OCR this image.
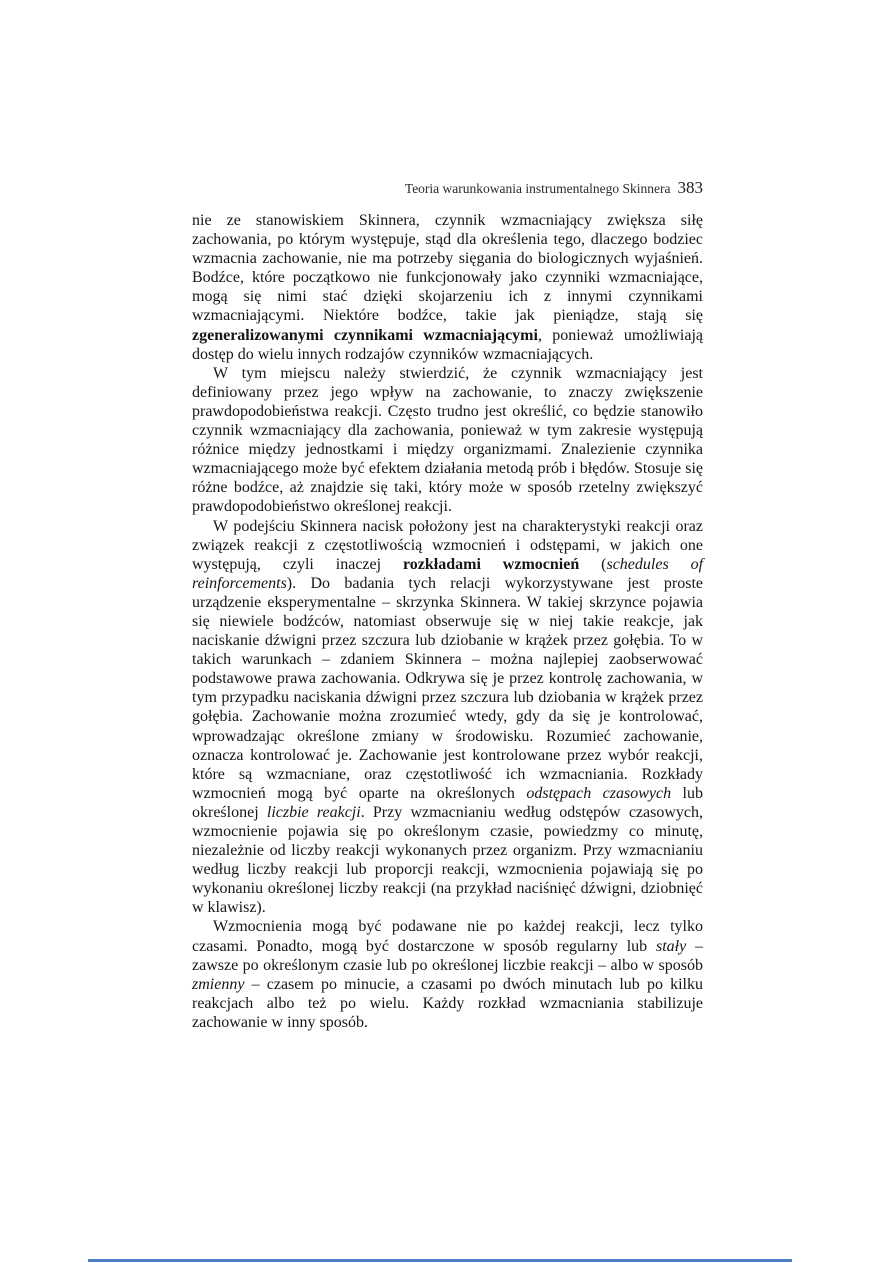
Teoria warunkowania instrumentalnego Skinnera 383

nie ze stanowiskiem Skinnera, czynnik wzmacniający zwiększa siłę zachowania, po którym występuje, stąd dla określenia tego, dlaczego bodziec wzmacnia zachowanie, nie ma potrzeby sięgania do biologicznych wyjaśnień. Bodźce, które początkowo nie funkcjonowały jako czynniki wzmacniające, mogą się nimi stać dzięki skojarzeniu ich z innymi czynnikami wzmacniającymi. Niektóre bodźce, takie jak pieniądze, stają się zgeneralizowanymi czynnikami wzmacniającymi, ponieważ umożliwiają dostęp do wielu innych rodzajów czynników wzmacniających.

W tym miejscu należy stwierdzić, że czynnik wzmacniający jest definiowany przez jego wpływ na zachowanie, to znaczy zwiększenie prawdopodobieństwa reakcji. Często trudno jest określić, co będzie stanowiło czynnik wzmacniający dla zachowania, ponieważ w tym zakresie występują różnice między jednostkami i między organizmami. Znalezienie czynnika wzmacniającego może być efektem działania metodą prób i błędów. Stosuje się różne bodźce, aż znajdzie się taki, który może w sposób rzetelny zwiększyć prawdopodobieństwo określonej reakcji.

W podejściu Skinnera nacisk położony jest na charakterystyki reakcji oraz związek reakcji z częstotliwością wzmocnień i odstępami, w jakich one występują, czyli inaczej rozkładami wzmocnień (schedules of reinforcements). Do badania tych relacji wykorzystywane jest proste urządzenie eksperymentalne – skrzynka Skinnera. W takiej skrzynce pojawia się niewiele bodźców, natomiast obserwuje się w niej takie reakcje, jak naciskanie dźwigni przez szczura lub dziobanie w krążek przez gołębia. To w takich warunkach – zdaniem Skinnera – można najlepiej zaobserwować podstawowe prawa zachowania. Odkrywa się je przez kontrolę zachowania, w tym przypadku naciskania dźwigni przez szczura lub dziobania w krążek przez gołębia. Zachowanie można zrozumieć wtedy, gdy da się je kontrolować, wprowadzając określone zmiany w środowisku. Rozumieć zachowanie, oznacza kontrolować je. Zachowanie jest kontrolowane przez wybór reakcji, które są wzmacniane, oraz częstotliwość ich wzmacniania. Rozkłady wzmocnień mogą być oparte na określonych odstępach czasowych lub określonej liczbie reakcji. Przy wzmacnianiu według odstępów czasowych, wzmocnienie pojawia się po określonym czasie, powiedzmy co minutę, niezależnie od liczby reakcji wykonanych przez organizm. Przy wzmacnianiu według liczby reakcji lub proporcji reakcji, wzmocnienia pojawiają się po wykonaniu określonej liczby reakcji (na przykład naciśnięć dźwigni, dziobnięć w klawisz).

Wzmocnienia mogą być podawane nie po każdej reakcji, lecz tylko czasami. Ponadto, mogą być dostarczone w sposób regularny lub stały – zawsze po określonym czasie lub po określonej liczbie reakcji – albo w sposób zmienny – czasem po minucie, a czasami po dwóch minutach lub po kilku reakcjach albo też po wielu. Każdy rozkład wzmacniania stabilizuje zachowanie w inny sposób.
